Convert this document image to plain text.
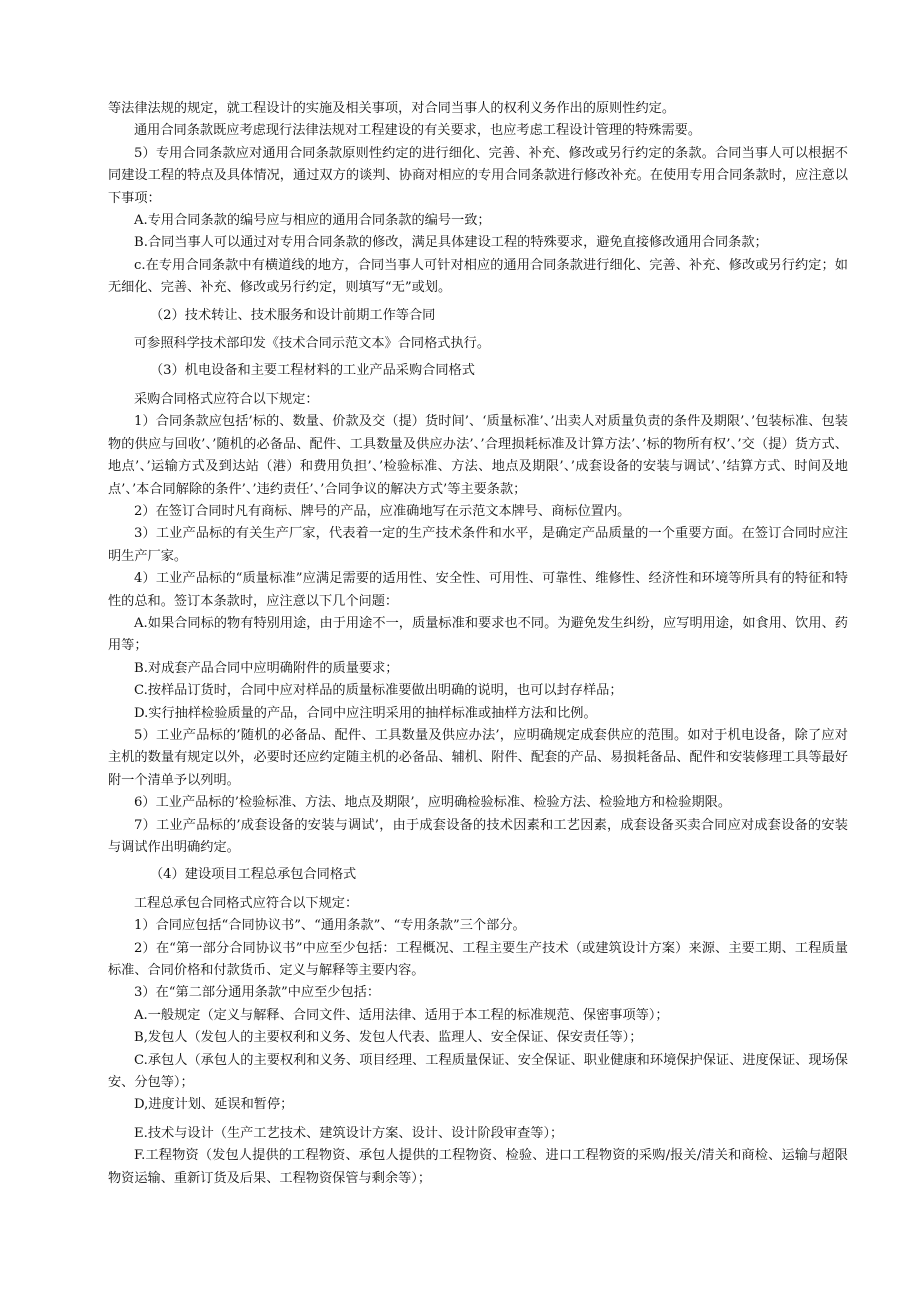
等法律法规的规定，就工程设计的实施及相关事项，对合同当事人的权利义务作出的原则性约定。

通用合同条款既应考虑现行法律法规对工程建设的有关要求，也应考虑工程设计管理的特殊需要。

5）专用合同条款应对通用合同条款原则性约定的进行细化、完善、补充、修改或另行约定的条款。合同当事人可以根据不同建设工程的特点及具体情况，通过双方的谈判、协商对相应的专用合同条款进行修改补充。在使用专用合同条款时，应注意以下事项：

A.专用合同条款的编号应与相应的通用合同条款的编号一致；

B.合同当事人可以通过对专用合同条款的修改，满足具体建设工程的特殊要求，避免直接修改通用合同条款；

c.在专用合同条款中有横道线的地方，合同当事人可针对相应的通用合同条款进行细化、完善、补充、修改或另行约定；如无细化、完善、补充、修改或另行约定，则填写“无”或划。

（2）技术转让、技术服务和设计前期工作等合同

可参照科学技术部印发《技术合同示范文本》合同格式执行。

（3）机电设备和主要工程材料的工业产品采购合同格式

采购合同格式应符合以下规定：

1）合同条款应包括’标的、数量、价款及交（提）货时间’、‘质量标准’、’出卖人对质量负责的条件及期限’、’包装标准、包装物的供应与回收’、’随机的必备品、配件、工具数量及供应办法’、’合理损耗标准及计算方法’、’标的物所有权’、’交（提）货方式、地点’、’运输方式及到达站（港）和费用负担’、’检验标准、方法、地点及期限’、’成套设备的安装与调试’、’结算方式、时间及地点’、’本合同解除的条件’、’违约责任’、’合同争议的解决方式’等主要条款；

2）在签订合同时凡有商标、牌号的产品，应准确地写在示范文本牌号、商标位置内。

3）工业产品标的有关生产厂家，代表着一定的生产技术条件和水平，是确定产品质量的一个重要方面。在签订合同时应注明生产厂家。

4）工业产品标的“质量标准”应满足需要的适用性、安全性、可用性、可靠性、维修性、经济性和环境等所具有的特征和特性的总和。签订本条款时，应注意以下几个问题：

A.如果合同标的物有特别用途，由于用途不一，质量标准和要求也不同。为避免发生纠纷，应写明用途，如食用、饮用、药用等；

B.对成套产品合同中应明确附件的质量要求；

C.按样品订货时，合同中应对样品的质量标准要做出明确的说明，也可以封存样品；

D.实行抽样检验质量的产品，合同中应注明采用的抽样标准或抽样方法和比例。

5）工业产品标的’随机的必备品、配件、工具数量及供应办法’，应明确规定成套供应的范围。如对于机电设备，除了应对主机的数量有规定以外，必要时还应约定随主机的必备品、辅机、附件、配套的产品、易损耗备品、配件和安装修理工具等最好附一个清单予以列明。

6）工业产品标的’检验标准、方法、地点及期限’，应明确检验标准、检验方法、检验地方和检验期限。

7）工业产品标的’成套设备的安装与调试’，由于成套设备的技术因素和工艺因素，成套设备买卖合同应对成套设备的安装与调试作出明确约定。

（4）建设项目工程总承包合同格式

工程总承包合同格式应符合以下规定：

1）合同应包括“合同协议书”、“通用条款”、“专用条款”三个部分。

2）在“第一部分合同协议书”中应至少包括：工程概况、工程主要生产技术（或建筑设计方案）来源、主要工期、工程质量标准、合同价格和付款货币、定义与解释等主要内容。

3）在“第二部分通用条款”中应至少包括：

A.一般规定（定义与解释、合同文件、适用法律、适用于本工程的标准规范、保密事项等）；

B,发包人（发包人的主要权利和义务、发包人代表、监理人、安全保证、保安责任等）；

C.承包人（承包人的主要权利和义务、项目经理、工程质量保证、安全保证、职业健康和环境保护保证、进度保证、现场保安、分包等）；

D,进度计划、延误和暂停；

E.技术与设计（生产工艺技术、建筑设计方案、设计、设计阶段审查等）；

F.工程物资（发包人提供的工程物资、承包人提供的工程物资、检验、进口工程物资的采购/报关/清关和商检、运输与超限物资运输、重新订货及后果、工程物资保管与剩余等）；
